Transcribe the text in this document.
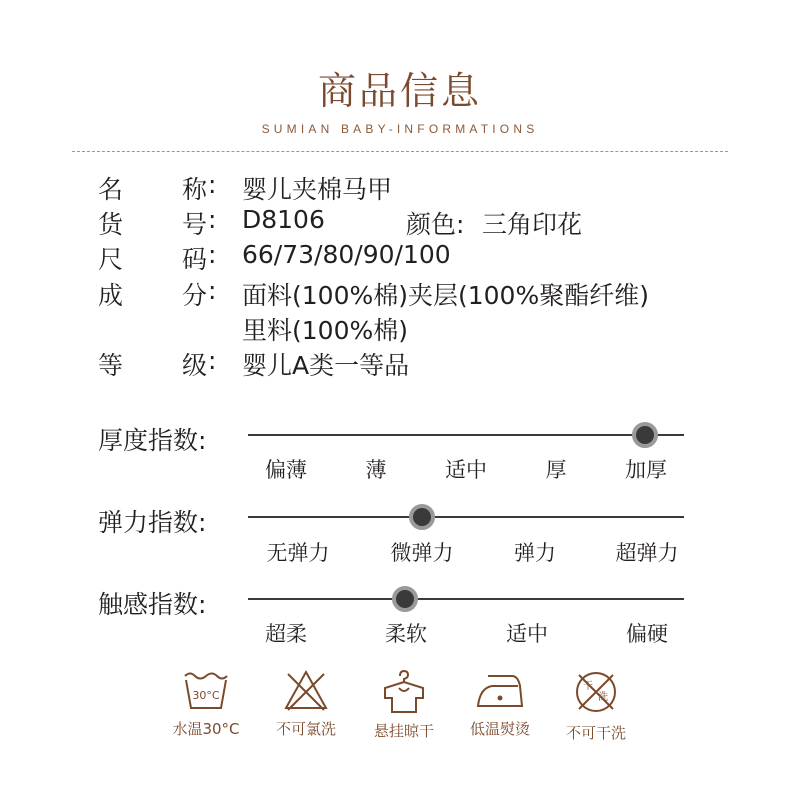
商品信息
SUMIAN BABY-INFORMATIONS
名 称 : 婴儿夹棉马甲
货 号 : D8106	颜色: 三角印花
尺 码 : 66/73/80/90/100
成 分 : 面料(100%棉)夹层(100%聚酯纤维)
里料(100%棉)
等 级 : 婴儿A类一等品
厚度指数:
偏薄	薄	适中	厚	加厚
弹力指数:
无弹力	微弹力	弹力	超弹力
触感指数:
超柔	柔软	适中	偏硬
30°C
水温30°C	不可氯洗	悬挂晾干	低温熨烫
干
洗
不可干洗
